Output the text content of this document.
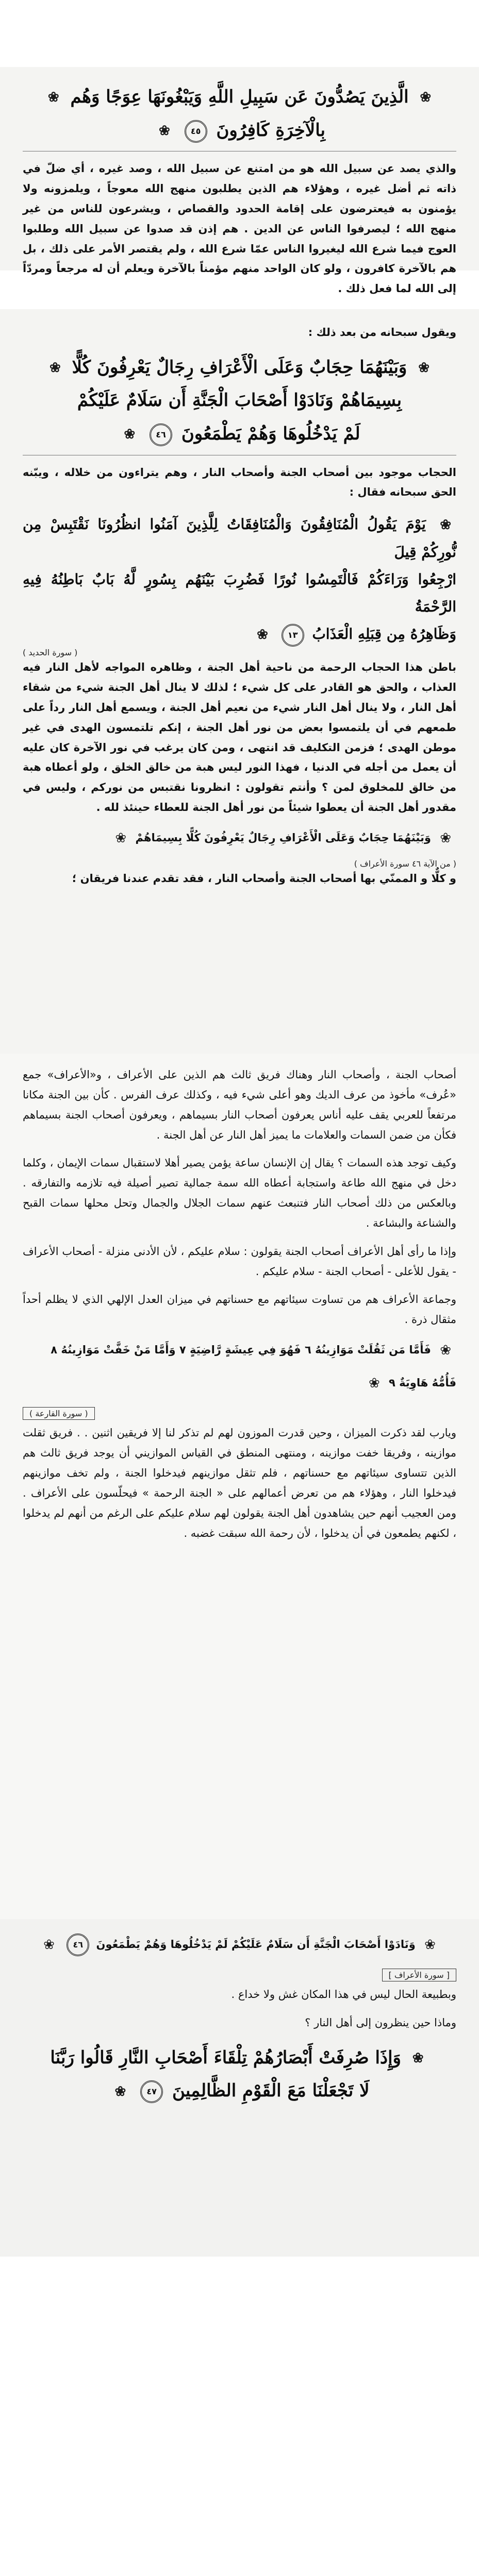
❀ الَّذِينَ يَصُدُّونَ عَن سَبِيلِ اللَّهِ وَيَبْغُونَهَا عِوَجًا وَهُم ❀
بِالْآخِرَةِ كَافِرُونَ ٤٥ ❀

والذي يصد عن سبيل الله هو من امتنع عن سبيل الله ، وصد غيره ، أي ضلّ في ذاته ثم أضل غيره ، وهؤلاء هم الذين يطلبون منهج الله معوجاً ، ويلمزونه ولا يؤمنون به فيعترضون على إقامة الحدود والقصاص ، ويشرعون للناس من غير منهج الله ؛ ليصرفوا الناس عن الدين . هم إذن قد صدوا عن سبيل الله وطلبوا العوج فيما شرع الله ليغيروا الناس عمّا شرع الله ، ولم يقتصر الأمر على ذلك ، بل هم بالآخرة كافرون ، ولو كان الواحد منهم مؤمناً بالآخرة ويعلم أن له مرجعاً ومردّاً إلى الله لما فعل ذلك .

ويقول سبحانه من بعد ذلك :

❀ وَبَيْنَهُمَا حِجَابٌ وَعَلَى الْأَعْرَافِ رِجَالٌ يَعْرِفُونَ كُلًّا ❀
بِسِيمَاهُمْ وَنَادَوْا أَصْحَابَ الْجَنَّةِ أَن سَلَامٌ عَلَيْكُمْ
لَمْ يَدْخُلُوهَا وَهُمْ يَطْمَعُونَ ٤٦ ❀

الحجاب موجود بين أصحاب الجنة وأصحاب النار ، وهم يتراءون من خلاله ، ويبّنه الحق سبحانه فقال :

❀ يَوْمَ يَقُولُ الْمُنَافِقُونَ وَالْمُنَافِقَاتُ لِلَّذِينَ آمَنُوا انظُرُونَا نَقْتَبِسْ مِن نُّورِكُمْ قِيلَ
ارْجِعُوا وَرَاءَكُمْ فَالْتَمِسُوا نُورًا فَضُرِبَ بَيْنَهُم بِسُورٍ لَّهُ بَابٌ بَاطِنُهُ فِيهِ الرَّحْمَةُ
وَظَاهِرُهُ مِن قِبَلِهِ الْعَذَابُ ١٣ ❀
( سورة الحديد )

باطن هذا الحجاب الرحمة من ناحية أهل الجنة ، وظاهره المواجه لأهل النار فيه العذاب ، والحق هو القادر على كل شيء ؛ لذلك لا ينال أهل الجنة شيء من شقاء أهل النار ، ولا ينال أهل النار شيء من نعيم أهل الجنة ، ويسمع أهل النار رداً على طمعهم في أن يلتمسوا بعض من نور أهل الجنة ، إنكم تلتمسون الهدى في غير موطن الهدى ؛ فزمن التكليف قد انتهى ، ومن كان يرغب في نور الآخرة كان عليه أن يعمل من أجله في الدنيا ، فهذا النور ليس هبة من خالق الخلق ، ولو أعطاه هبة من خالق للمخلوق لمن ؟ وأنتم تقولون : انظرونا نقتبس من نوركم ، وليس في مقدور أهل الجنة أن يعطوا شيئاً من نور أهل الجنة للعطاء حينئذ لله .

❀ وَبَيْنَهُمَا حِجَابٌ وَعَلَى الْأَعْرَافِ رِجَالٌ يَعْرِفُونَ كُلًّا بِسِيمَاهُمْ ❀

( من الآية ٤٦ سورة الأعراف )

و كلٌّا و الممنّي بها أصحاب الجنة وأصحاب النار ، فقد تقدم عندنا فريقان ؛

أصحاب الجنة ، وأصحاب النار وهناك فريق ثالث هم الذين على الأعراف ، و«الأعراف» جمع «عُرف» مأخوذ من عرف الديك وهو أعلى شيء فيه ، وكذلك عرف الفرس . كأن بين الجنة مكانا مرتفعاً للعربي يقف عليه أناس يعرفون أصحاب النار بسيماهم ، ويعرفون أصحاب الجنة بسيماهم فكأن من ضمن السمات والعلامات ما يميز أهل النار عن أهل الجنة .

وكيف توجد هذه السمات ؟ يقال إن الإنسان ساعة يؤمن يصير أهلا لاستقبال سمات الإيمان ، وكلما دخل في منهج الله طاعة واستجابة أعطاه الله سمة جمالية تصير أصيلة فيه تلازمه والتفارقه . وبالعكس من ذلك أصحاب النار فتنبعث عنهم سمات الجلال والجمال وتحل محلها سمات القبح والشناعة والبشاعة .

وإذا ما رأى أهل الأعراف أصحاب الجنة يقولون : سلام عليكم ، لأن الأدنى منزلة - أصحاب الأعراف - يقول للأعلى - أصحاب الجنة - سلام عليكم .

وجماعة الأعراف هم من تساوت سيئاتهم مع حسناتهم في ميزان العدل الإلهي الذي لا يظلم أحداً مثقال ذرة .

❀ فَأَمَّا مَن ثَقُلَتْ مَوَازِينُهُ ٦ فَهُوَ فِي عِيشَةٍ رَّاضِيَةٍ ٧ وَأَمَّا مَنْ خَفَّتْ مَوَازِينُهُ ٨

فَأُمُّهُ هَاوِيَةٌ ٩ ❀

( سورة القارعة )

ويارب لقد ذكرت الميزان ، وحين قدرت الموزون لهم لم تذكر لنا إلا فريقين اثنين . . فريق ثقلت موازينه ، وفريقا خفت موازينه ، ومنتهى المنطق في القياس الموازيني أن يوجد فريق ثالث هم الذين تتساوى سيئاتهم مع حسناتهم ، فلم تثقل موازينهم فيدخلوا الجنة ، ولم تخف موازينهم فيدخلوا النار ، وهؤلاء هم من تعرض أعمالهم على « الجنة الرحمة » فيحلّسون على الأعراف . ومن العجيب أنهم حين يشاهدون أهل الجنة يقولون لهم سلام عليكم على الرغم من أنهم لم يدخلوا ، لكنهم يطمعون في أن يدخلوا ، لأن رحمة الله سبقت غضبه .

❀ وَنَادَوْا أَصْحَابَ الْجَنَّةِ أَن سَلَامٌ عَلَيْكُمْ لَمْ يَدْخُلُوهَا وَهُمْ يَطْمَعُونَ ٤٦ ❀

[ سورة الأعراف ]

وبطبيعة الحال ليس في هذا المكان غش ولا خداع .

وماذا حين ينظرون إلى أهل النار ؟

❀ وَإِذَا صُرِفَتْ أَبْصَارُهُمْ تِلْقَاءَ أَصْحَابِ النَّارِ قَالُوا رَبَّنَا
لَا تَجْعَلْنَا مَعَ الْقَوْمِ الظَّالِمِينَ ٤٧ ❀
